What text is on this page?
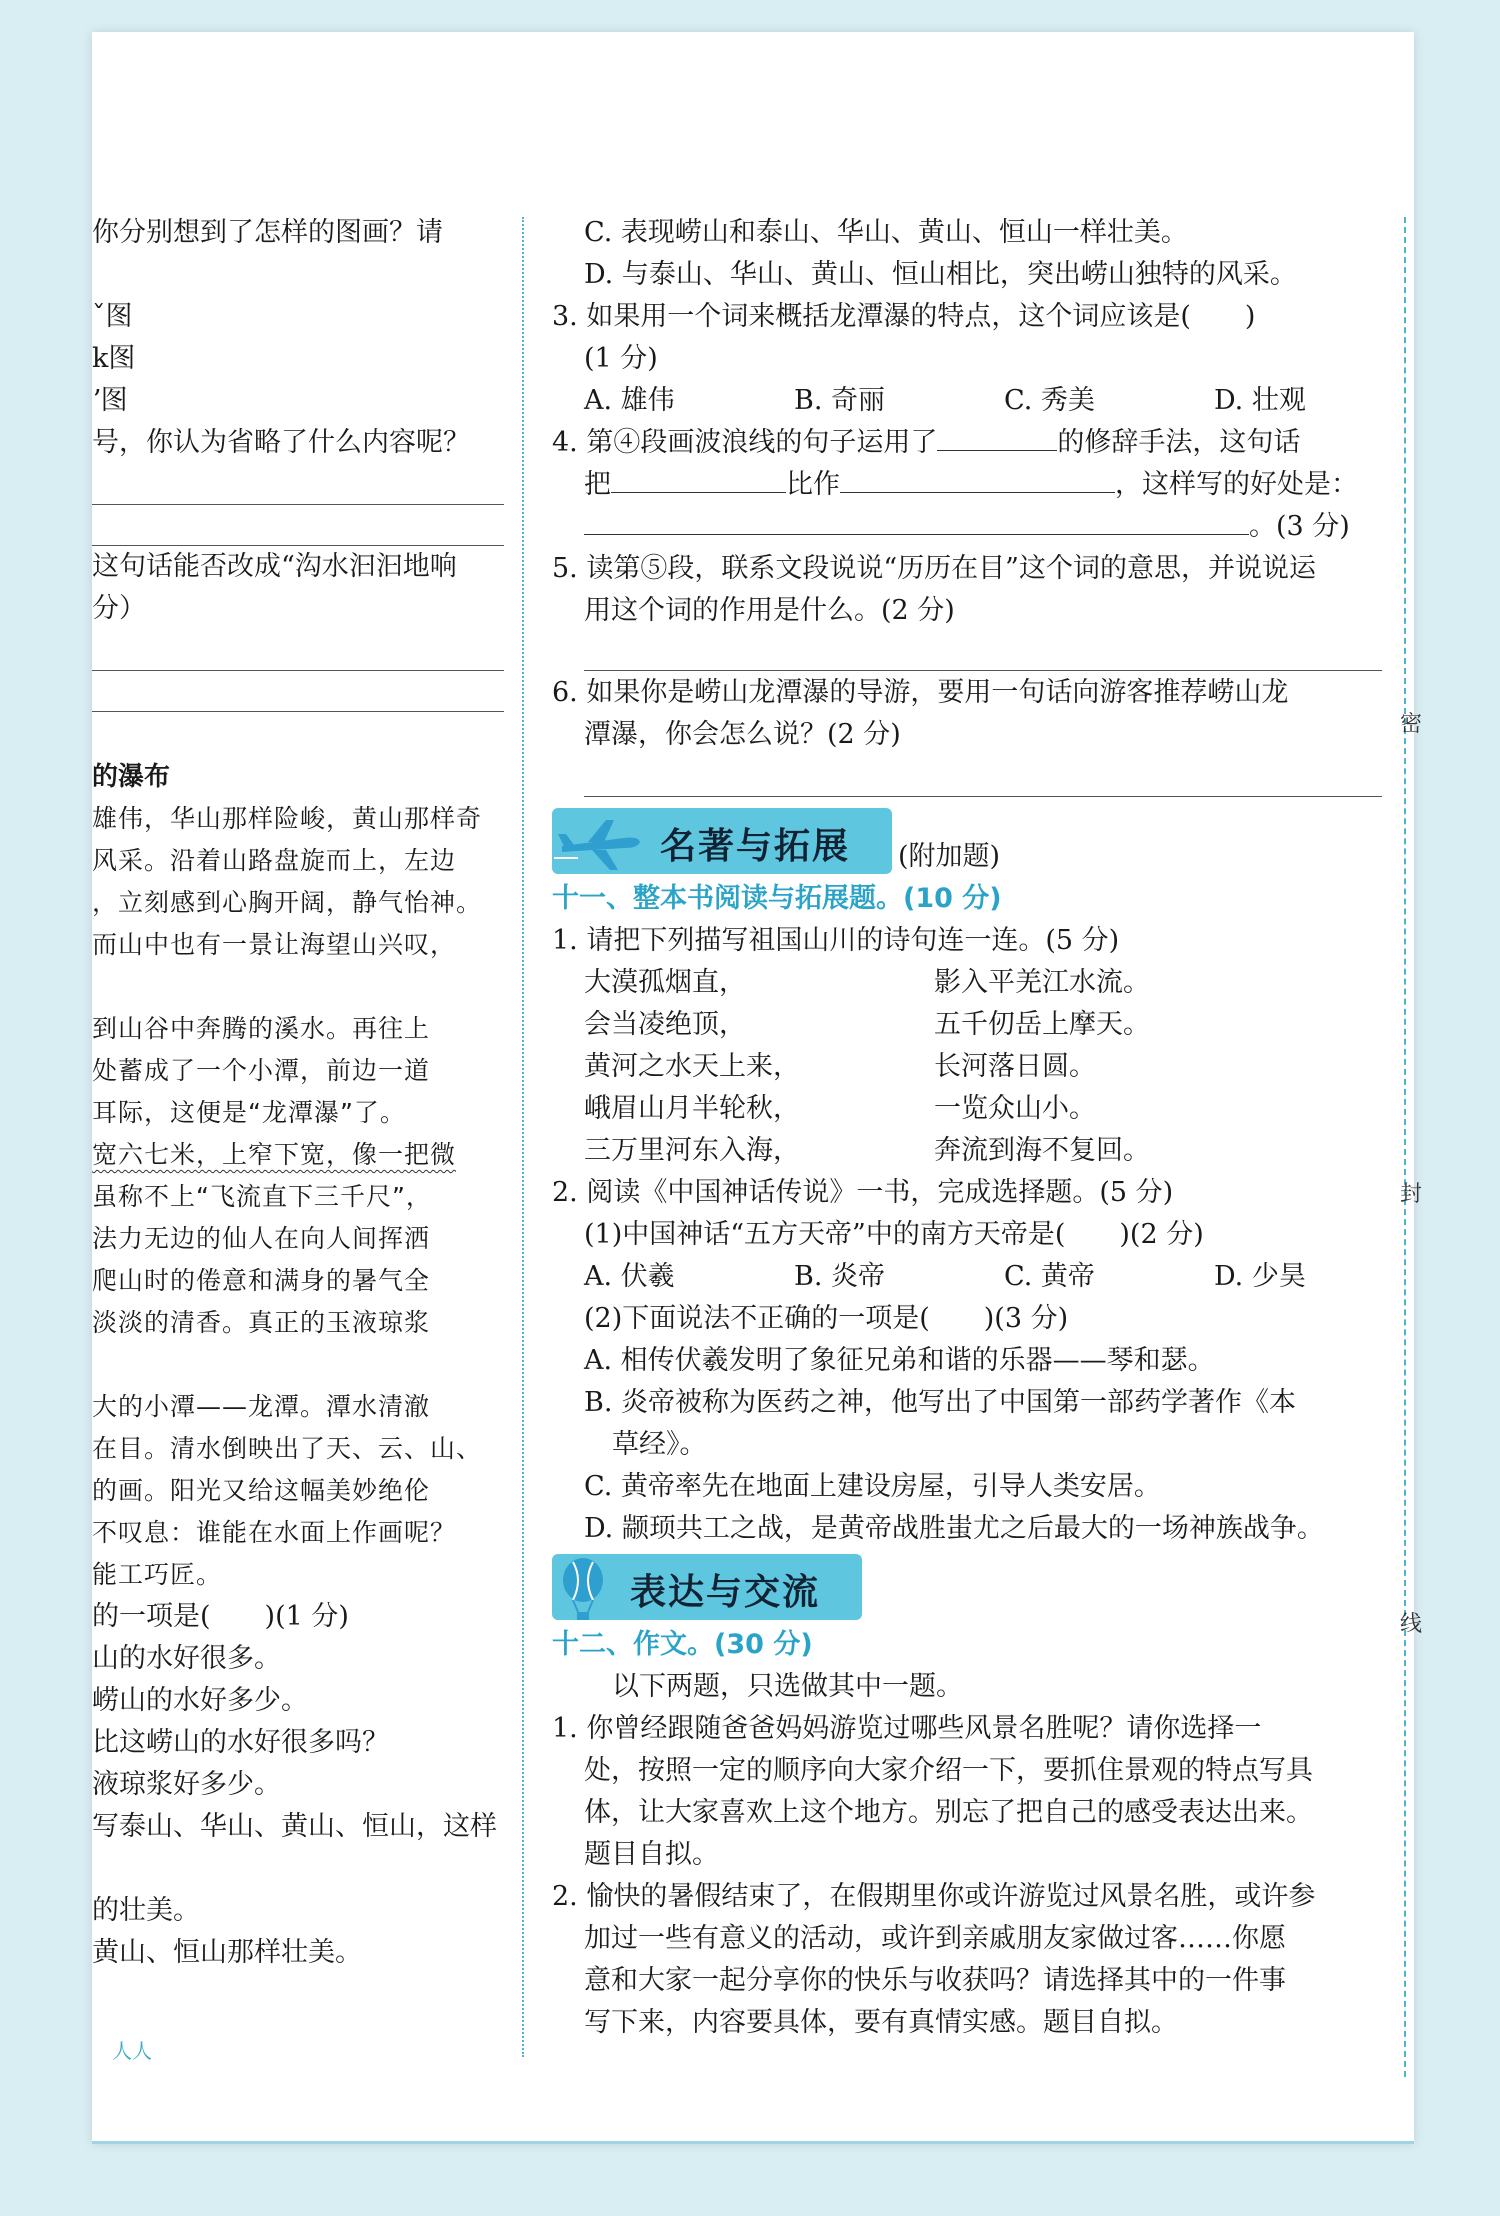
密
封
线
你分别想到了怎样的图画？请
ˇ图
k图
ʼ图
号，你认为省略了什么内容呢？
这句话能否改成“沟水汩汩地响
分）
的瀑布
雄伟，华山那样险峻，黄山那样奇
风采。沿着山路盘旋而上，左边
，立刻感到心胸开阔，静气怡神。
而山中也有一景让海望山兴叹，
到山谷中奔腾的溪水。再往上
处蓄成了一个小潭，前边一道
耳际，这便是“龙潭瀑”了。
宽六七米，上窄下宽，像一把微
虽称不上“飞流直下三千尺”，
法力无边的仙人在向人间挥洒
爬山时的倦意和满身的暑气全
淡淡的清香。真正的玉液琼浆
大的小潭——龙潭。潭水清澈
在目。清水倒映出了天、云、山、
的画。阳光又给这幅美妙绝伦
不叹息：谁能在水面上作画呢？
能工巧匠。
的一项是(　　)(1 分)
山的水好很多。
崂山的水好多少。
比这崂山的水好很多吗？
液琼浆好多少。
写泰山、华山、黄山、恒山，这样
的壮美。
黄山、恒山那样壮美。
C. 表现崂山和泰山、华山、黄山、恒山一样壮美。
D. 与泰山、华山、黄山、恒山相比，突出崂山独特的风采。
3. 如果用一个词来概括龙潭瀑的特点，这个词应该是(　　)
(1 分)
A. 雄伟	B. 奇丽	C. 秀美	D. 壮观
4. 第④段画波浪线的句子运用了	的修辞手法，这句话
把	比作	，这样写的好处是：
。(3 分)
5. 读第⑤段，联系文段说说“历历在目”这个词的意思，并说说运
用这个词的作用是什么。(2 分)
6. 如果你是崂山龙潭瀑的导游，要用一句话向游客推荐崂山龙
潭瀑，你会怎么说？(2 分)
名著与拓展 (附加题)
十一、整本书阅读与拓展题。(10 分)
1. 请把下列描写祖国山川的诗句连一连。(5 分)
大漠孤烟直，	影入平羌江水流。
会当凌绝顶，	五千仞岳上摩天。
黄河之水天上来，	长河落日圆。
峨眉山月半轮秋，	一览众山小。
三万里河东入海，	奔流到海不复回。
2. 阅读《中国神话传说》一书，完成选择题。(5 分)
(1)中国神话“五方天帝”中的南方天帝是(　　)(2 分)
A. 伏羲	B. 炎帝	C. 黄帝	D. 少昊
(2)下面说法不正确的一项是(　　)(3 分)
A. 相传伏羲发明了象征兄弟和谐的乐器——琴和瑟。
B. 炎帝被称为医药之神，他写出了中国第一部药学著作《本
草经》。
C. 黄帝率先在地面上建设房屋，引导人类安居。
D. 颛顼共工之战，是黄帝战胜蚩尤之后最大的一场神族战争。
表达与交流
十二、作文。(30 分)
以下两题，只选做其中一题。
1. 你曾经跟随爸爸妈妈游览过哪些风景名胜呢？请你选择一
处，按照一定的顺序向大家介绍一下，要抓住景观的特点写具
体，让大家喜欢上这个地方。别忘了把自己的感受表达出来。
题目自拟。
2. 愉快的暑假结束了，在假期里你或许游览过风景名胜，或许参
加过一些有意义的活动，或许到亲戚朋友家做过客……你愿
意和大家一起分享你的快乐与收获吗？请选择其中的一件事
写下来，内容要具体，要有真情实感。题目自拟。
人人
